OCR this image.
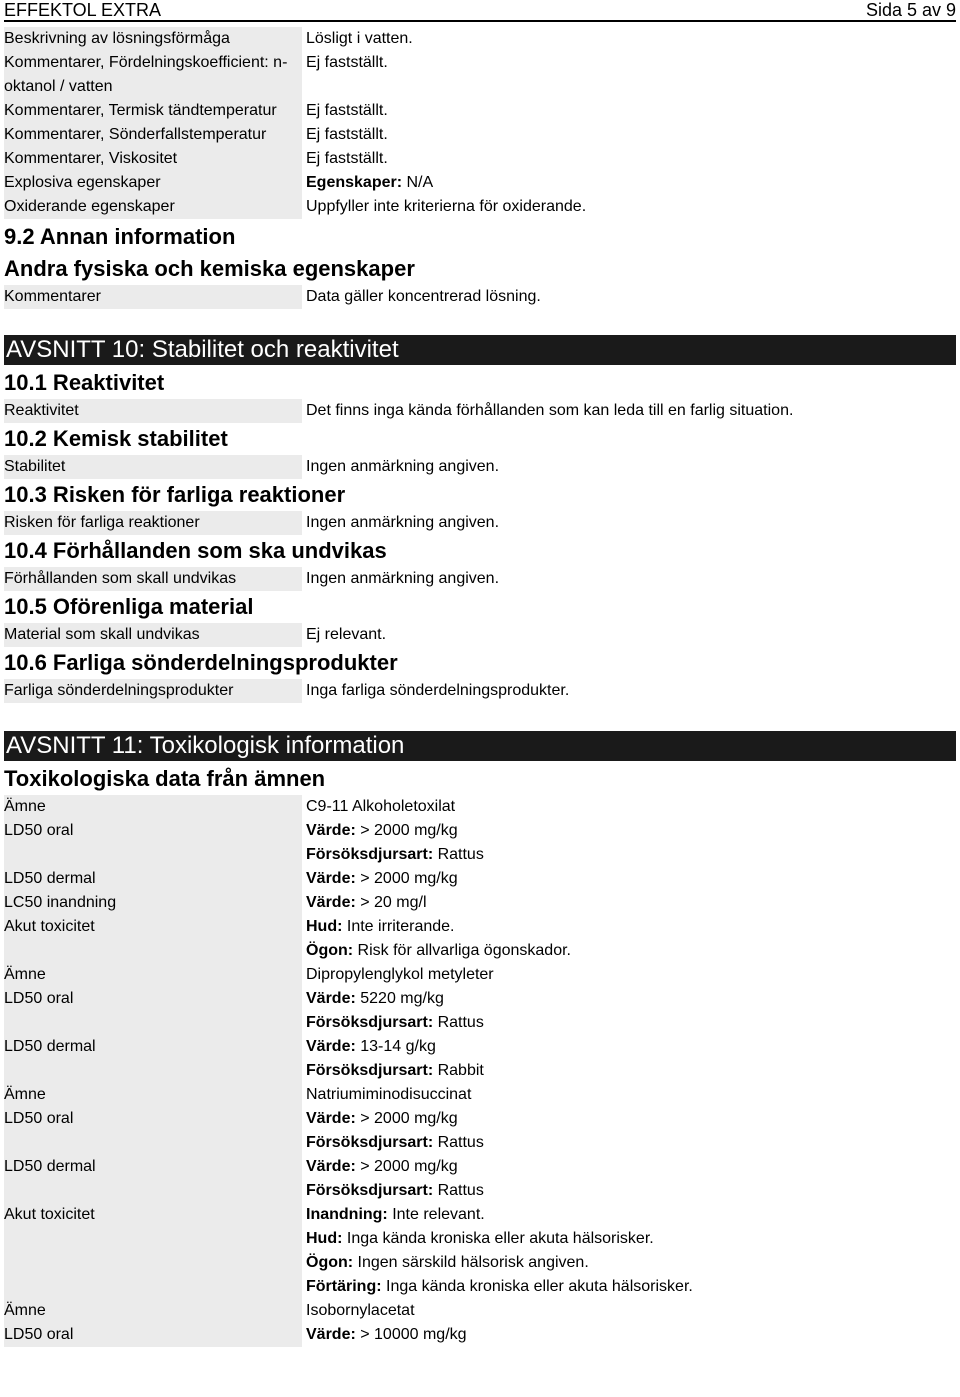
EFFEKTOL EXTRA	Sida 5 av 9
Beskrivning av lösningsförmåga	Lösligt i vatten.
Kommentarer, Fördelningskoefficient: n-oktanol / vatten
Ej fastställt.
Kommentarer, Termisk tändtemperatur	Ej fastställt.
Kommentarer, Sönderfallstemperatur	Ej fastställt.
Kommentarer, Viskositet	Ej fastställt.
Explosiva egenskaper	Egenskaper: N/A
Oxiderande egenskaper	Uppfyller inte kriterierna för oxiderande.
9.2 Annan information
Andra fysiska och kemiska egenskaper
Kommentarer	Data gäller koncentrerad lösning.
AVSNITT 10: Stabilitet och reaktivitet
10.1 Reaktivitet
Reaktivitet	Det finns inga kända förhållanden som kan leda till en farlig situation.
10.2 Kemisk stabilitet
Stabilitet	Ingen anmärkning angiven.
10.3 Risken för farliga reaktioner
Risken för farliga reaktioner	Ingen anmärkning angiven.
10.4 Förhållanden som ska undvikas
Förhållanden som skall undvikas	Ingen anmärkning angiven.
10.5 Oförenliga material
Material som skall undvikas	Ej relevant.
10.6 Farliga sönderdelningsprodukter
Farliga sönderdelningsprodukter	Inga farliga sönderdelningsprodukter.
AVSNITT 11: Toxikologisk information
Toxikologiska data från ämnen
Ämne	C9-11 Alkoholetoxilat
LD50 oral	Värde: > 2000 mg/kg
Försöksdjursart: Rattus
LD50 dermal	Värde: > 2000 mg/kg
LC50 inandning	Värde: > 20 mg/l
Akut toxicitet	Hud: Inte irriterande.
Ögon: Risk för allvarliga ögonskador.
Ämne	Dipropylenglykol metyleter
LD50 oral	Värde: 5220 mg/kg
Försöksdjursart: Rattus
LD50 dermal	Värde: 13-14 g/kg
Försöksdjursart: Rabbit
Ämne	Natriumiminodisuccinat
LD50 oral	Värde: > 2000 mg/kg
Försöksdjursart: Rattus
LD50 dermal	Värde: > 2000 mg/kg
Försöksdjursart: Rattus
Akut toxicitet	Inandning: Inte relevant.
Hud: Inga kända kroniska eller akuta hälsorisker.
Ögon: Ingen särskild hälsorisk angiven.
Förtäring: Inga kända kroniska eller akuta hälsorisker.
Ämne	Isobornylacetat
LD50 oral	Värde: > 10000 mg/kg
